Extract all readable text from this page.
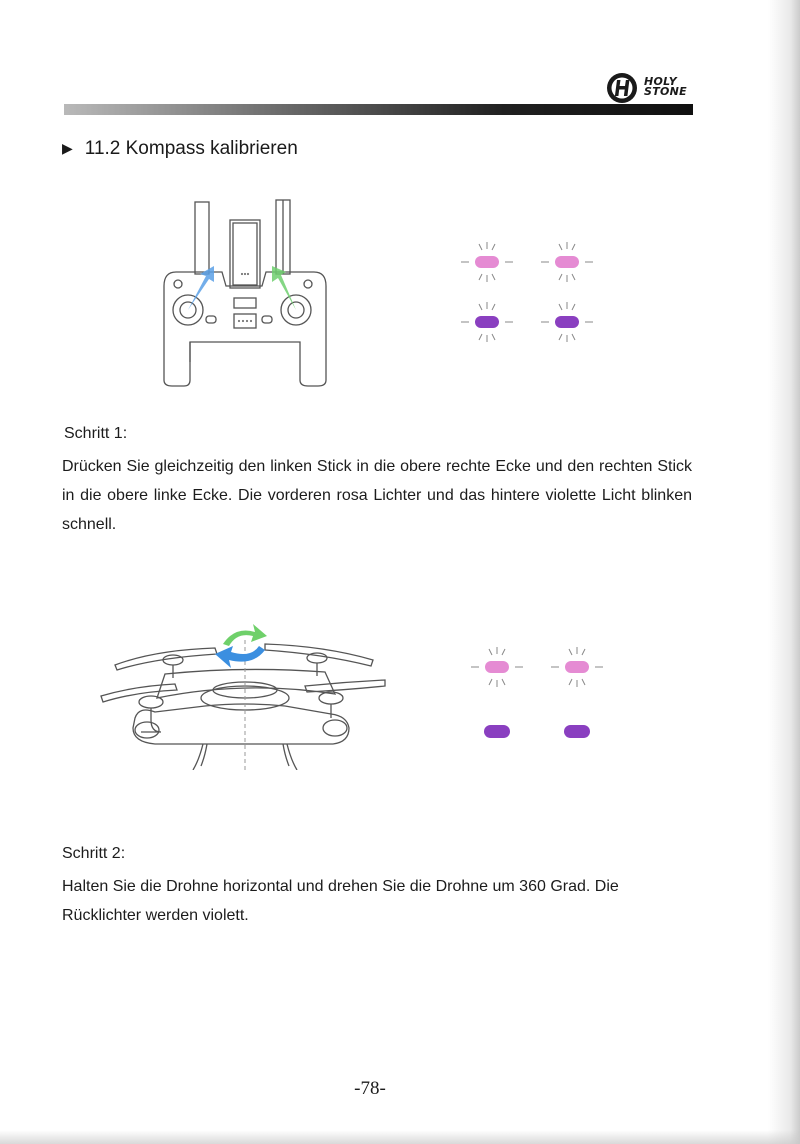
HOLY
STONE
▶ 11.2 Kompass kalibrieren
Schritt 1:
Drücken Sie gleichzeitig den linken Stick in die obere rechte Ecke und den rechten Stick in die obere linke Ecke. Die vorderen rosa Lichter und das hintere violette Licht blinken schnell.
Schritt 2:
Halten Sie die Drohne horizontal und drehen Sie die Drohne um 360 Grad. Die Rücklichter werden violett.
-78-
